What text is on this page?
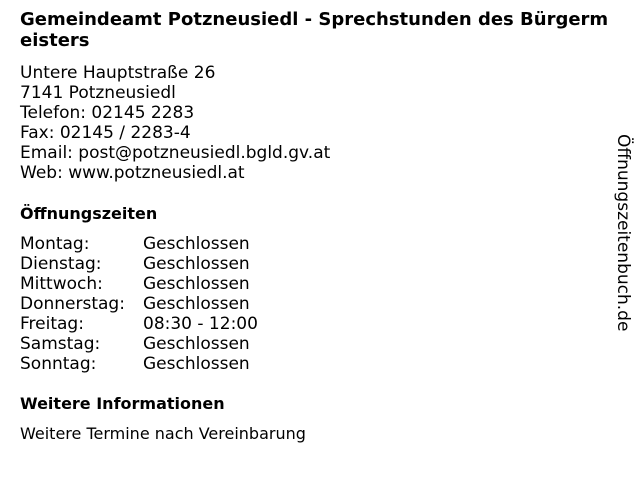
Gemeindeamt Potzneusiedl - Sprechstunden des Bürgermeisters
Untere Hauptstraße 26
7141 Potzneusiedl
Telefon: 02145 2283
Fax: 02145 / 2283-4
Email: post@potzneusiedl.bgld.gv.at
Web: www.potzneusiedl.at
Öffnungszeiten
Montag:	Geschlossen
Dienstag:	Geschlossen
Mittwoch:	Geschlossen
Donnerstag:	Geschlossen
Freitag:	08:30 - 12:00
Samstag:	Geschlossen
Sonntag:	Geschlossen
Weitere Informationen
Weitere Termine nach Vereinbarung
Öffnungszeitenbuch.de
